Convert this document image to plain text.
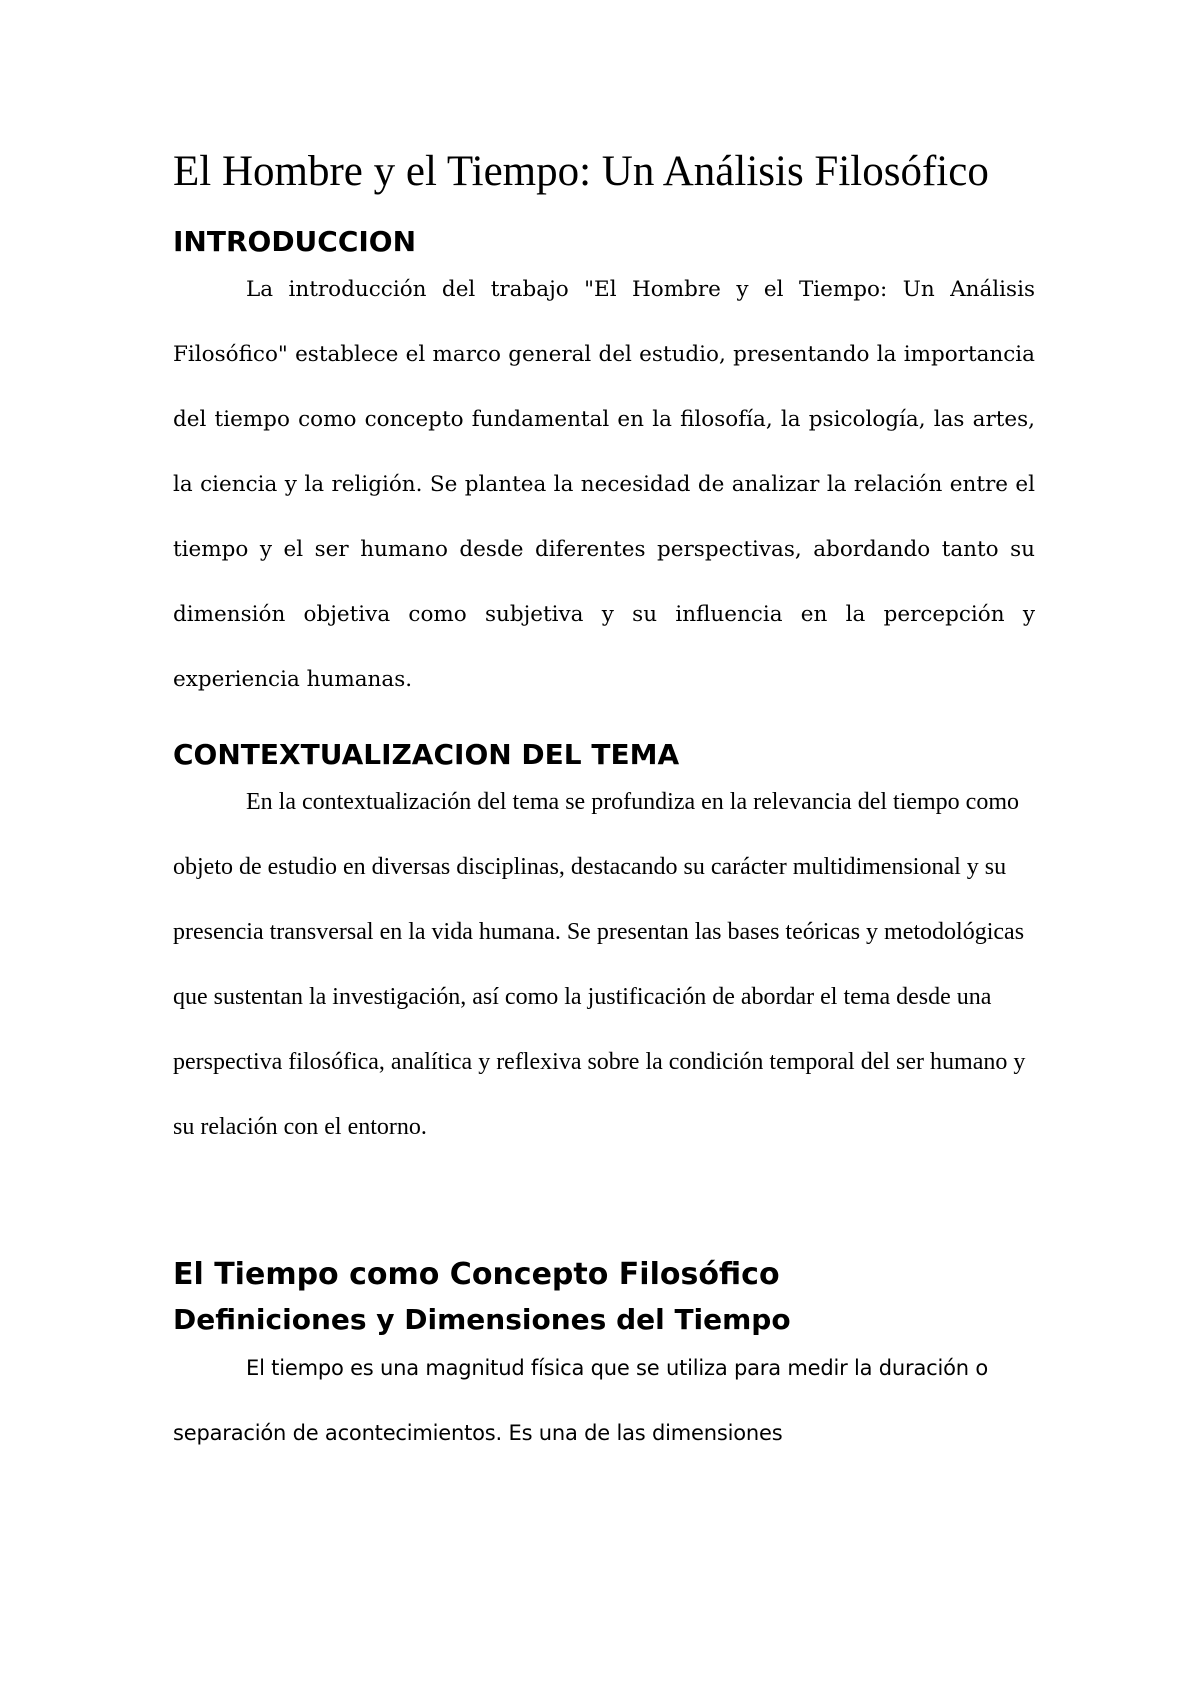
El Hombre y el Tiempo: Un Análisis Filosófico
INTRODUCCION

La introducción del trabajo "El Hombre y el Tiempo: Un Análisis Filosófico" establece el marco general del estudio, presentando la importancia del tiempo como concepto fundamental en la filosofía, la psicología, las artes, la ciencia y la religión. Se plantea la necesidad de analizar la relación entre el tiempo y el ser humano desde diferentes perspectivas, abordando tanto su dimensión objetiva como subjetiva y su influencia en la percepción y experiencia humanas.

CONTEXTUALIZACION DEL TEMA

En la contextualización del tema se profundiza en la relevancia del tiempo como objeto de estudio en diversas disciplinas, destacando su carácter multidimensional y su presencia transversal en la vida humana. Se presentan las bases teóricas y metodológicas que sustentan la investigación, así como la justificación de abordar el tema desde una perspectiva filosófica, analítica y reflexiva sobre la condición temporal del ser humano y su relación con el entorno.

El Tiempo como Concepto Filosófico
Definiciones y Dimensiones del Tiempo

El tiempo es una magnitud física que se utiliza para medir la duración o separación de acontecimientos. Es una de las dimensiones
